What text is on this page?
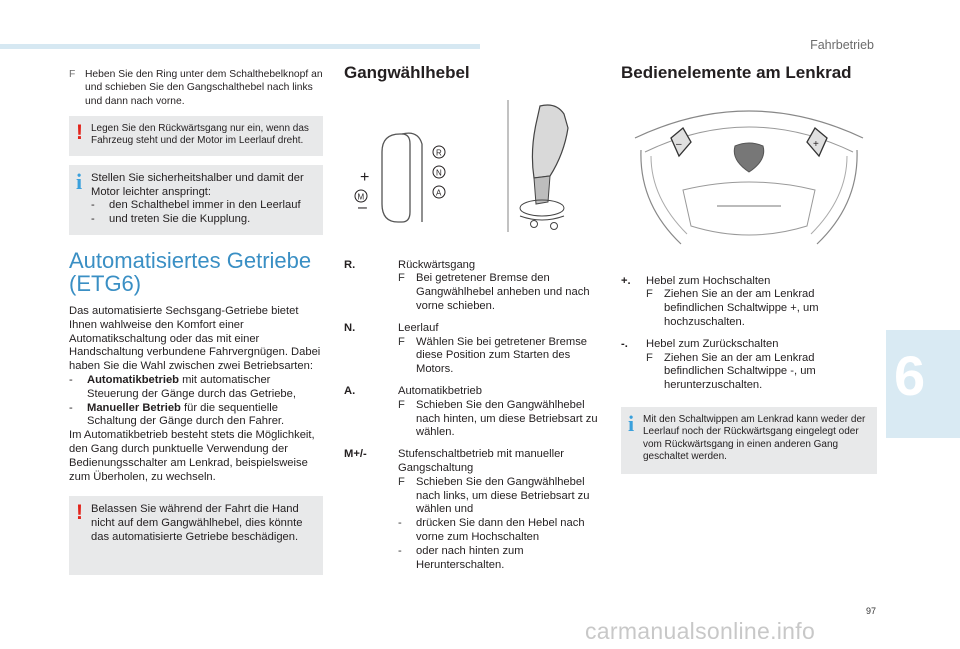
Fahrbetrieb
6
F Heben Sie den Ring unter dem Schalthebelknopf an und schieben Sie den Gangschalthebel nach links und dann nach vorne.
! Legen Sie den Rückwärtsgang nur ein, wenn das Fahrzeug steht und der Motor im Leerlauf dreht.

i Stellen Sie sicherheitshalber und damit der Motor leichter anspringt:

-	den Schalthebel immer in den Leerlauf
-	und treten Sie die Kupplung.
Automatisiertes Getriebe (ETG6)

Das automatisierte Sechsgang-Getriebe bietet Ihnen wahlweise den Komfort einer Automatikschaltung oder das mit einer Handschaltung verbundene Fahrvergnügen. Dabei haben Sie die Wahl zwischen zwei Betriebsarten:

-	Automatikbetrieb mit automatischer Steuerung der Gänge durch das Getriebe,
-	Manueller Betrieb für die sequentielle Schaltung der Gänge durch den Fahrer.

Im Automatikbetrieb besteht stets die Möglichkeit, den Gang durch punktuelle Verwendung der Bedienungsschalter am Lenkrad, beispielsweise zum Überholen, zu wechseln.

! Belassen Sie während der Fahrt die Hand nicht auf dem Gangwählhebel, dies könnte das automatisierte Getriebe beschädigen.

Gangwählhebel
+
–
M
R
N
A
R.	Rückwärtsgang

F Bei getretener Bremse den Gangwählhebel anheben und nach vorne schieben.
N.	Leerlauf

F Wählen Sie bei getretener Bremse diese Position zum Starten des Motors.
A.	Automatikbetrieb

F Schieben Sie den Gangwählhebel nach hinten, um diese Betriebsart zu wählen.
M+/-	Stufenschaltbetrieb mit manueller Gangschaltung

F Schieben Sie den Gangwählhebel nach links, um diese Betriebsart zu wählen und
-	drücken Sie dann den Hebel nach vorne zum Hochschalten
-	oder nach hinten zum Herunterschalten.
Bedienelemente am Lenkrad
–	+
+.	Hebel zum Hochschalten

F Ziehen Sie an der am Lenkrad befindlichen Schaltwippe +, um hochzuschalten.
-.	Hebel zum Zurückschalten

F Ziehen Sie an der am Lenkrad befindlichen Schaltwippe -, um herunterzuschalten.
i Mit den Schaltwippen am Lenkrad kann weder der Leerlauf noch der Rückwärtsgang eingelegt oder vom Rückwärtsgang in einen anderen Gang geschaltet werden.

97
carmanualsonline.info
